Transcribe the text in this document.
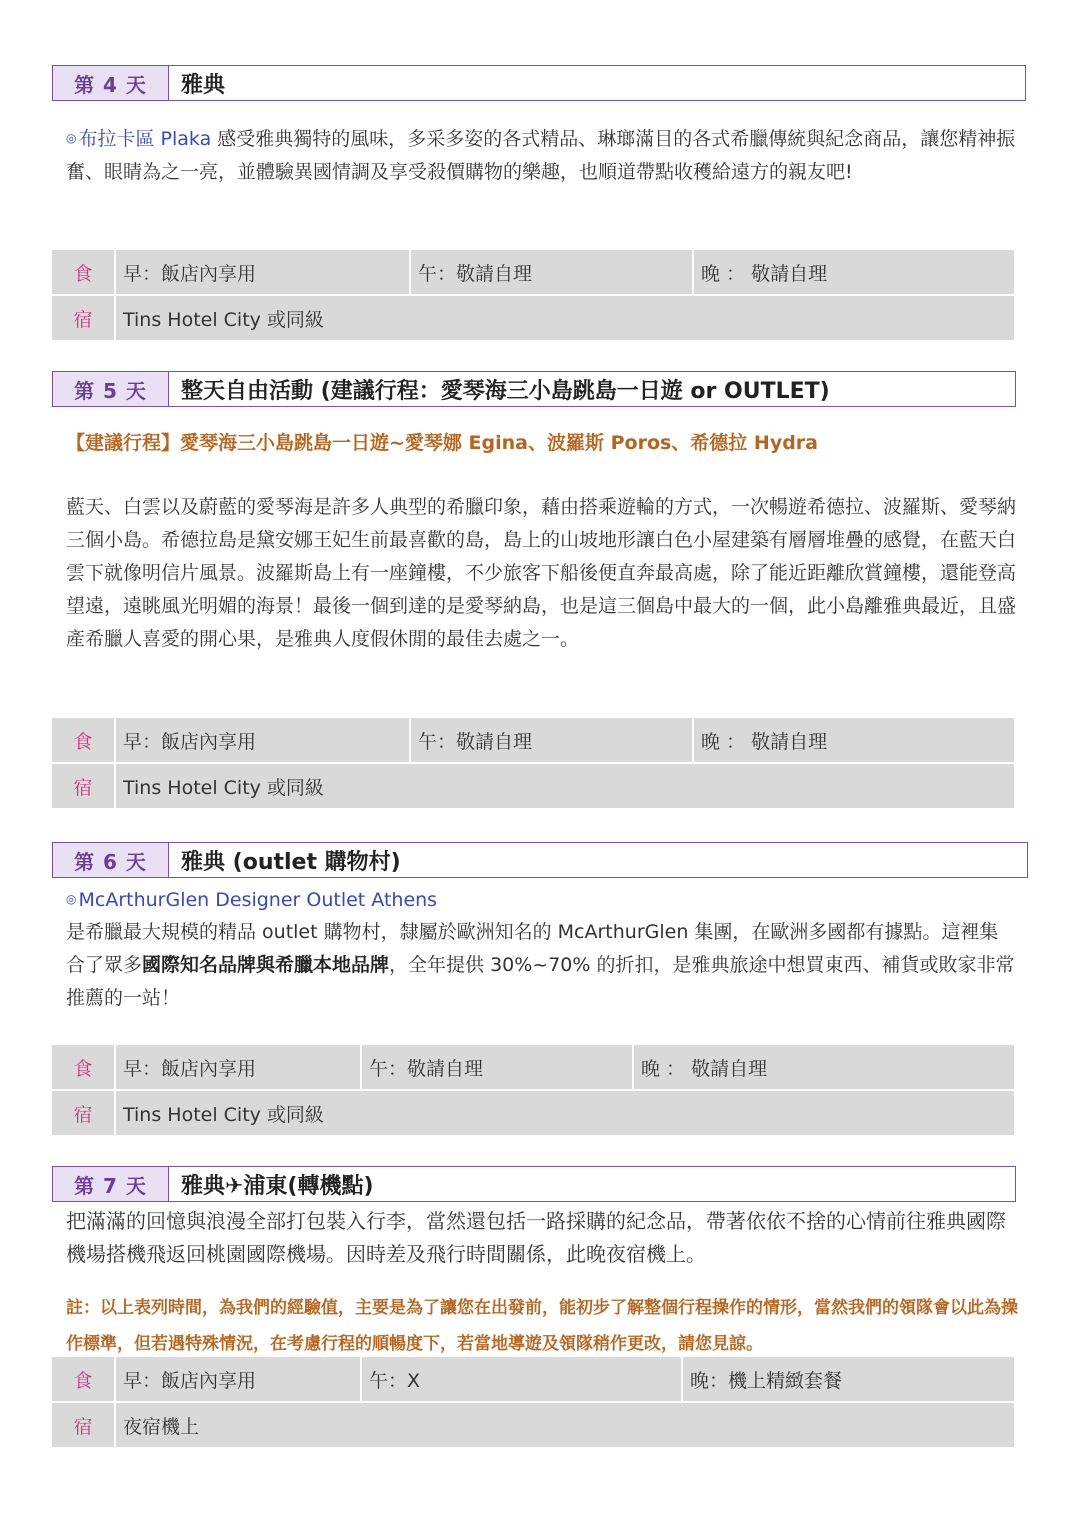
第 4 天	雅典

◎ 布拉卡區 Plaka 感受雅典獨特的風味，多采多姿的各式精品、琳瑯滿目的各式希臘傳統與紀念商品，讓您精神振奮、眼睛為之一亮，並體驗異國情調及享受殺價購物的樂趣，也順道帶點收穫給遠方的親友吧!

食	早：飯店內享用	午：敬請自理	晚 ： 敬請自理
宿	Tins Hotel City 或同級
第 5 天	整天自由活動 (建議行程：愛琴海三小島跳島一日遊 or OUTLET)

【建議行程】愛琴海三小島跳島一日遊~愛琴娜 Egina、波羅斯 Poros、希德拉 Hydra

藍天、白雲以及蔚藍的愛琴海是許多人典型的希臘印象，藉由搭乘遊輪的方式，一次暢遊希德拉、波羅斯、愛琴納三個小島。希德拉島是黛安娜王妃生前最喜歡的島，島上的山坡地形讓白色小屋建築有層層堆疊的感覺，在藍天白雲下就像明信片風景。波羅斯島上有一座鐘樓，不少旅客下船後便直奔最高處，除了能近距離欣賞鐘樓，還能登高望遠，遠眺風光明媚的海景！最後一個到達的是愛琴納島，也是這三個島中最大的一個，此小島離雅典最近，且盛產希臘人喜愛的開心果，是雅典人度假休閒的最佳去處之一。

食	早：飯店內享用	午：敬請自理	晚 ： 敬請自理
宿	Tins Hotel City 或同級
第 6 天	雅典 (outlet 購物村)

◎ McArthurGlen Designer Outlet Athens

是希臘最大規模的精品 outlet 購物村，隸屬於歐洲知名的 McArthurGlen 集團，在歐洲多國都有據點。這裡集合了眾多國際知名品牌與希臘本地品牌，全年提供 30%~70% 的折扣，是雅典旅途中想買東西、補貨或敗家非常推薦的一站！

食	早：飯店內享用	午：敬請自理	晚 ： 敬請自理
宿	Tins Hotel City 或同級
第 7 天	雅典✈浦東(轉機點)

把滿滿的回憶與浪漫全部打包裝入行李，當然還包括一路採購的紀念品，帶著依依不捨的心情前往雅典國際機場搭機飛返回桃園國際機場。因時差及飛行時間關係，此晚夜宿機上。

註：以上表列時間，為我們的經驗值，主要是為了讓您在出發前，能初步了解整個行程操作的情形，當然我們的領隊會以此為操作標準，但若遇特殊情況，在考慮行程的順暢度下，若當地導遊及領隊稍作更改，請您見諒。

食	早：飯店內享用	午：X	晚：機上精緻套餐
宿	夜宿機上
